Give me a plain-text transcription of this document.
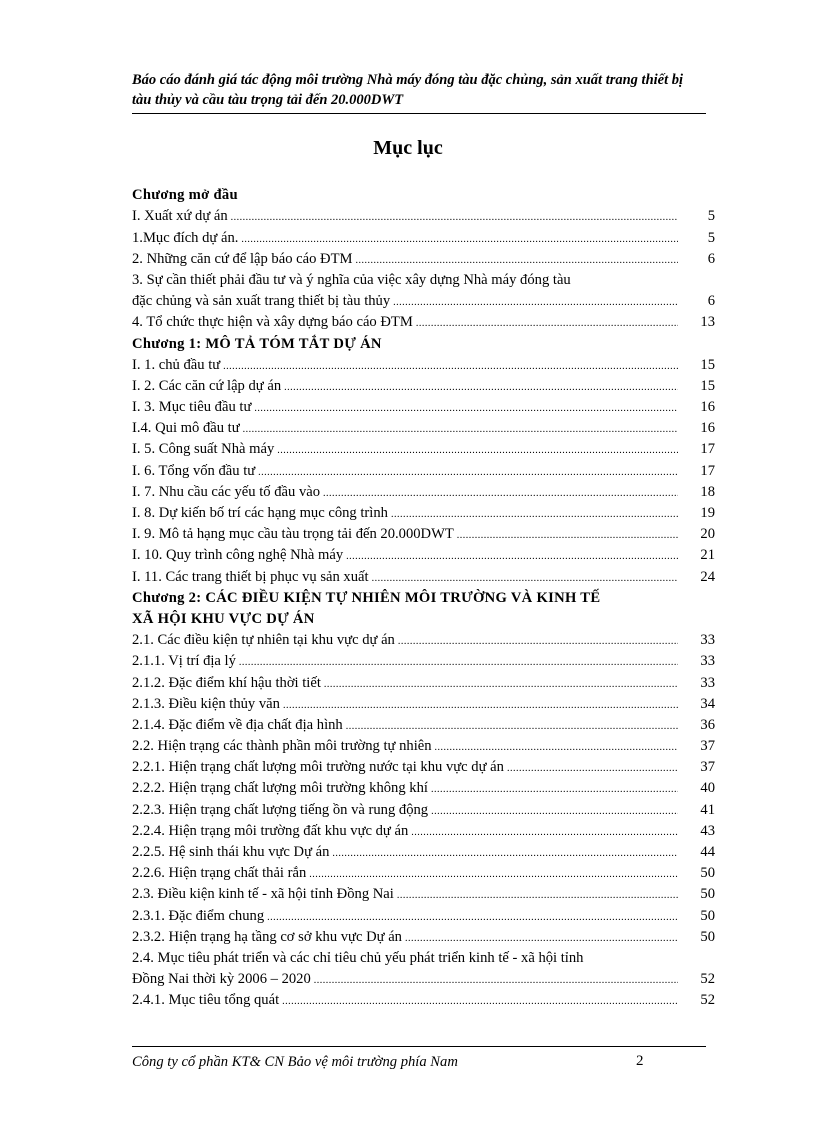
Báo cáo đánh giá tác động môi trường Nhà máy đóng tàu đặc chủng, sản xuất trang thiết bị tàu thủy và cầu tàu trọng tải đến 20.000DWT
Mục lục
Chương mở đầu
I. Xuất xứ dự án .....	5
1.Mục đích dự án. .....	5
2. Những căn cứ để lập báo cáo ĐTM .....	6
3. Sự cần thiết phải đầu tư và ý nghĩa của việc xây dựng Nhà máy đóng tàu
đặc chủng và sản xuất trang thiết bị tàu thủy .....	6
4. Tổ chức thực hiện và xây dựng báo cáo ĐTM .....	13
Chương 1: MÔ TẢ TÓM TẮT DỰ ÁN
I. 1. chủ đầu tư .....	15
I. 2. Các căn cứ lập dự án .....	15
I. 3. Mục tiêu đầu tư .....	16
I.4. Qui mô đầu tư .....	16
I. 5. Công suất Nhà máy .....	17
I. 6. Tổng vốn đầu tư .....	17
I. 7. Nhu cầu các yếu tố đầu vào .....	18
I. 8. Dự kiến bố trí các hạng mục công trình .....	19
I. 9. Mô tả hạng mục cầu tàu trọng tải đến 20.000DWT .....	20
I. 10. Quy trình công nghệ Nhà máy .....	21
I. 11. Các trang thiết bị phục vụ sản xuất .....	24
Chương 2: CÁC ĐIỀU KIỆN TỰ NHIÊN MÔI TRƯỜNG VÀ KINH TẾ
XÃ HỘI KHU VỰC DỰ ÁN
2.1. Các điều kiện tự nhiên tại khu vực dự án .....	33
2.1.1. Vị trí địa lý .....	33
2.1.2. Đặc điểm khí hậu thời tiết .....	33
2.1.3. Điều kiện thủy văn .....	34
2.1.4. Đặc điểm về địa chất địa hình .....	36
2.2. Hiện trạng các thành phần môi trường tự nhiên .....	37
2.2.1. Hiện trạng chất lượng môi trường nước tại khu vực dự án .....	37
2.2.2. Hiện trạng chất lượng môi trường không khí .....	40
2.2.3. Hiện trạng chất lượng tiếng ồn và rung động .....	41
2.2.4. Hiện trạng môi trường đất khu vực dự án .....	43
2.2.5. Hệ sinh thái khu vực Dự án .....	44
2.2.6. Hiện trạng chất thải rắn .....	50
2.3. Điều kiện kinh tế - xã hội tỉnh Đồng Nai .....	50
2.3.1. Đặc điểm chung .....	50
2.3.2. Hiện trạng hạ tầng cơ sở khu vực Dự án .....	50
2.4. Mục tiêu phát triển và các chỉ tiêu chủ yếu phát triển kinh tế - xã hội tỉnh
Đồng Nai thời kỳ 2006 – 2020 .....	52
2.4.1. Mục tiêu tổng quát .....	52
Công ty cổ phần KT& CN Bảo vệ môi trường phía Nam	2
